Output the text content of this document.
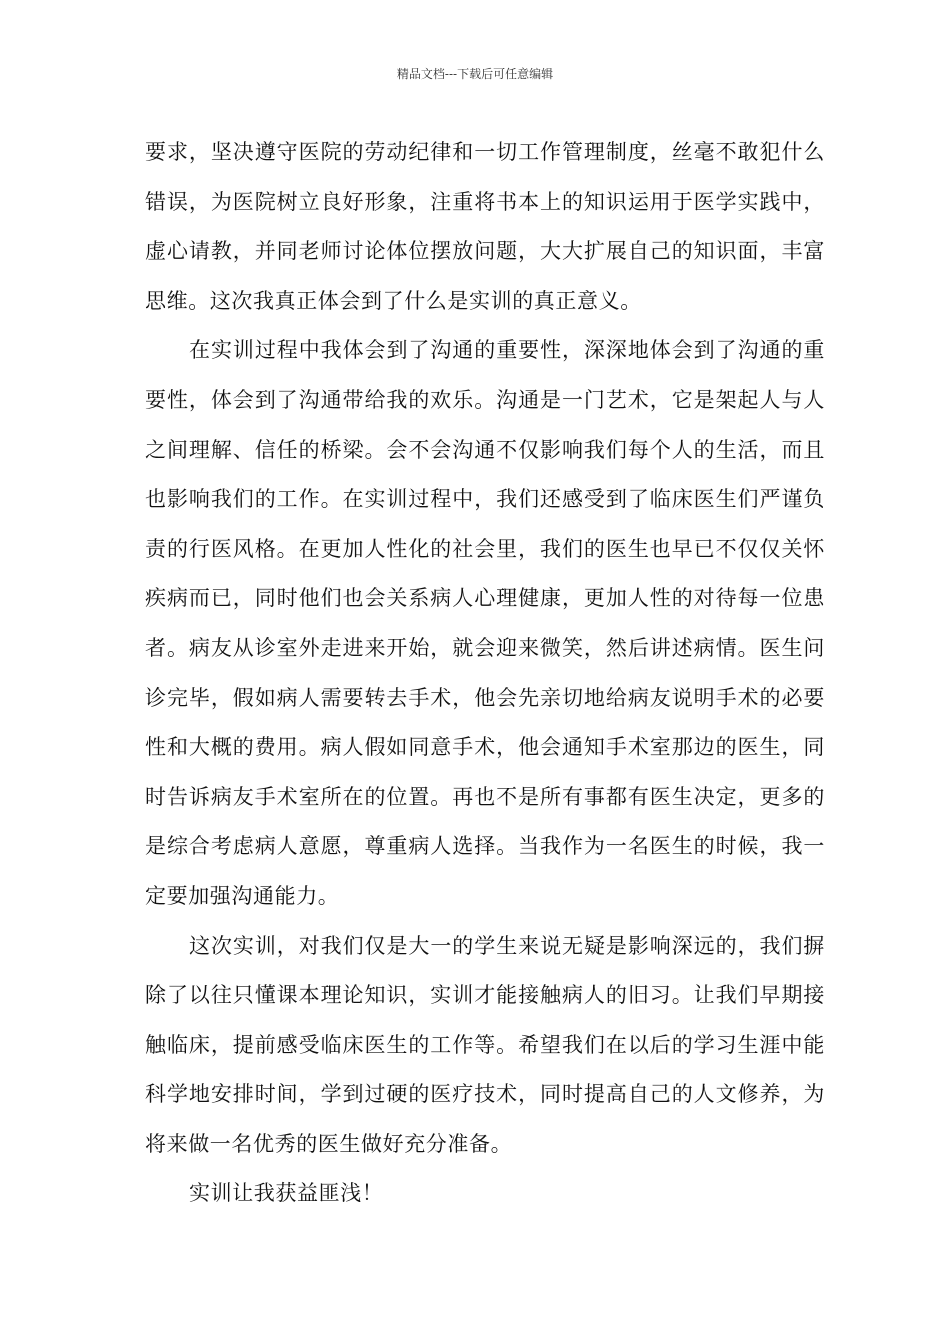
精品文档---下载后可任意编辑

要求，坚决遵守医院的劳动纪律和一切工作管理制度，丝毫不敢犯什么错误，为医院树立良好形象，注重将书本上的知识运用于医学实践中，虚心请教，并同老师讨论体位摆放问题，大大扩展自己的知识面，丰富思维。这次我真正体会到了什么是实训的真正意义。

在实训过程中我体会到了沟通的重要性，深深地体会到了沟通的重要性，体会到了沟通带给我的欢乐。沟通是一门艺术，它是架起人与人之间理解、信任的桥梁。会不会沟通不仅影响我们每个人的生活，而且也影响我们的工作。在实训过程中，我们还感受到了临床医生们严谨负责的行医风格。在更加人性化的社会里，我们的医生也早已不仅仅关怀疾病而已，同时他们也会关系病人心理健康，更加人性的对待每一位患者。病友从诊室外走进来开始，就会迎来微笑，然后讲述病情。医生问诊完毕，假如病人需要转去手术，他会先亲切地给病友说明手术的必要性和大概的费用。病人假如同意手术，他会通知手术室那边的医生，同时告诉病友手术室所在的位置。再也不是所有事都有医生决定，更多的是综合考虑病人意愿，尊重病人选择。当我作为一名医生的时候，我一定要加强沟通能力。

这次实训，对我们仅是大一的学生来说无疑是影响深远的，我们摒除了以往只懂课本理论知识，实训才能接触病人的旧习。让我们早期接触临床，提前感受临床医生的工作等。希望我们在以后的学习生涯中能科学地安排时间，学到过硬的医疗技术，同时提高自己的人文修养，为将来做一名优秀的医生做好充分准备。

实训让我获益匪浅！
